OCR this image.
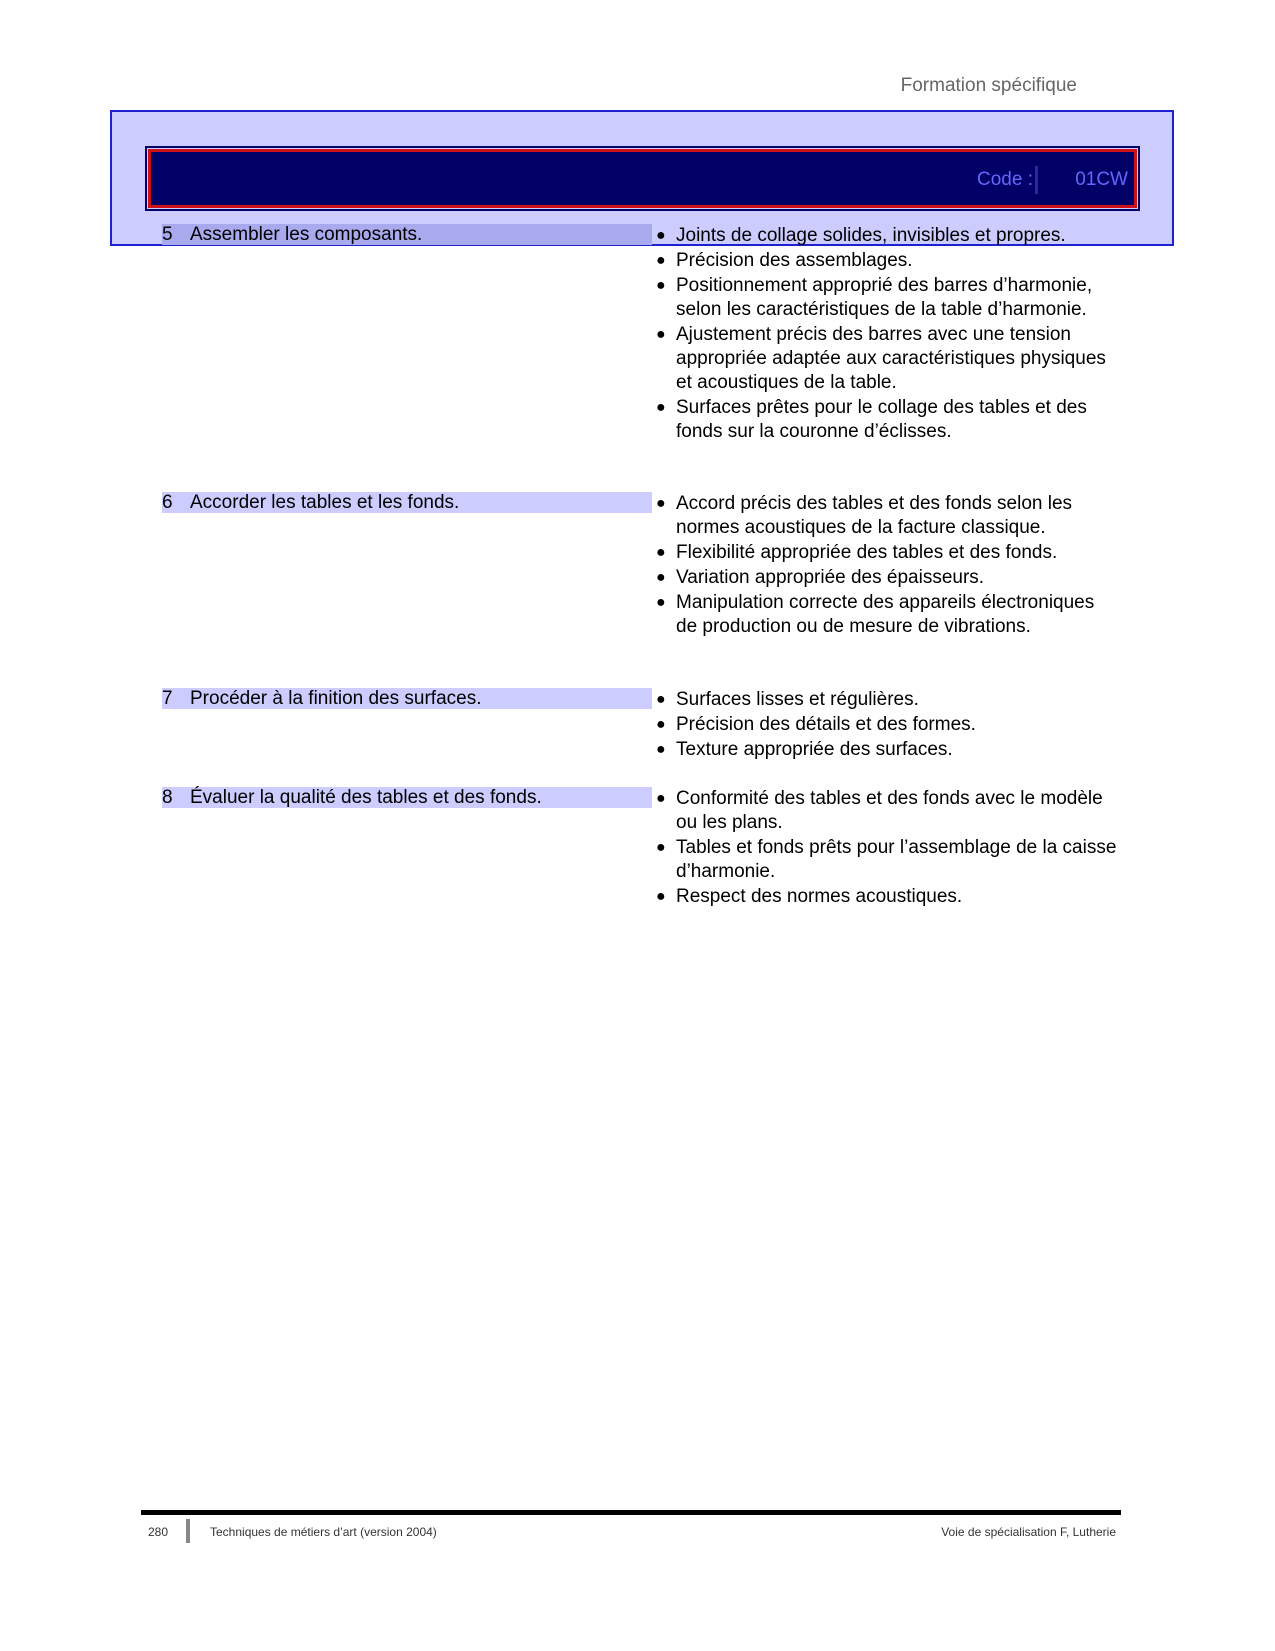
Formation spécifique
Code : 01CW
5 Assembler les composants.	● Joints de collage solides, invisibles et propres.
● Précision des assemblages.
● Positionnement approprié des barres d’harmonie, selon les caractéristiques de la table d’harmonie.
● Ajustement précis des barres avec une tension appropriée adaptée aux caractéristiques physiques et acoustiques de la table.
● Surfaces prêtes pour le collage des tables et des fonds sur la couronne d’éclisses.
6 Accorder les tables et les fonds.	● Accord précis des tables et des fonds selon les normes acoustiques de la facture classique.
● Flexibilité appropriée des tables et des fonds.
● Variation appropriée des épaisseurs.
● Manipulation correcte des appareils électroniques de production ou de mesure de vibrations.
7 Procéder à la finition des surfaces.	● Surfaces lisses et régulières.
● Précision des détails et des formes.
● Texture appropriée des surfaces.
8 Évaluer la qualité des tables et des fonds.	● Conformité des tables et des fonds avec le modèle ou les plans.
● Tables et fonds prêts pour l’assemblage de la caisse d’harmonie.
● Respect des normes acoustiques.
280	Techniques de métiers d’art (version 2004)	Voie de spécialisation F, Lutherie
